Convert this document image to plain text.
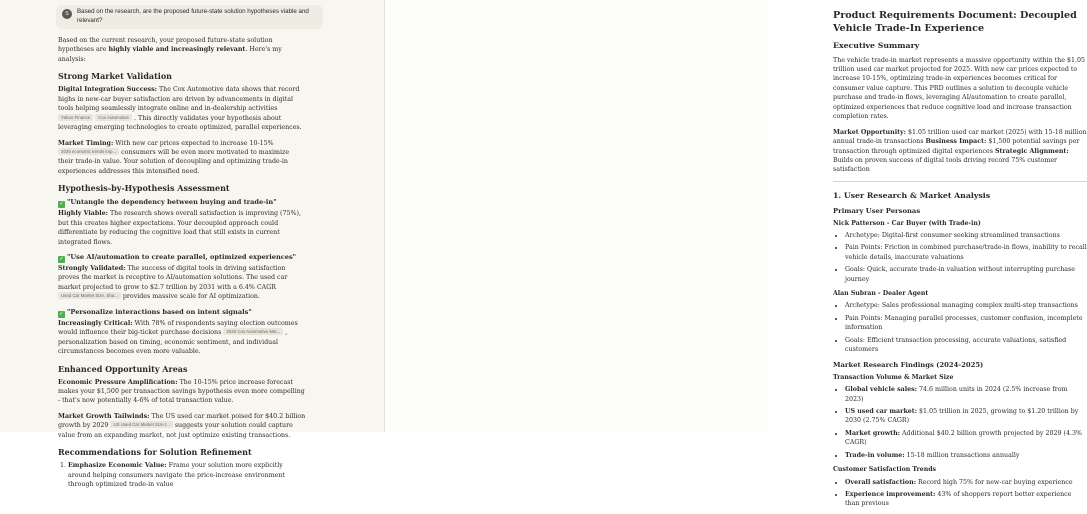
S	Based on the research, are the proposed future-state solution hypotheses viable and relevant?

Based on the current research, your proposed future-state solution hypotheses are highly viable and increasingly relevant. Here's my analysis:

Strong Market Validation

Digital Integration Success: The Cox Automotive data shows that record highs in new-car buyer satisfaction are driven by advancements in digital tools helping seamlessly integrate online and in-dealership activities Yahoo Finance Cox Automotive . This directly validates your hypothesis about leveraging emerging technologies to create optimized, parallel experiences.

Market Timing: With new car prices expected to increase 10-15% 2025 economic trends imp... consumers will be even more motivated to maximize their trade-in value. Your solution of decoupling and optimizing trade-in experiences addresses this intensified need.

Hypothesis-by-Hypothesis Assessment
✓ "Untangle the dependency between buying and trade-in"

Highly Viable: The research shows overall satisfaction is improving (75%), but this creates higher expectations. Your decoupled approach could differentiate by reducing the cognitive load that still exists in current integrated flows.

✓ "Use AI/automation to create parallel, optimized experiences"

Strongly Validated: The success of digital tools in driving satisfaction proves the market is receptive to AI/automation solutions. The used car market projected to grow to $2.7 trillion by 2031 with a 6.4% CAGR Used Car Market Size, Sha... provides massive scale for AI optimization.

✓ "Personalize interactions based on intent signals"

Increasingly Critical: With 78% of respondents saying election outcomes would influence their big-ticket purchase decisions 2025 Cox Automotive Mar... , personalization based on timing, economic sentiment, and individual circumstances becomes even more valuable.

Enhanced Opportunity Areas

Economic Pressure Amplification: The 10-15% price increase forecast makes your $1,500 per transaction savings hypothesis even more compelling - that's now potentially 4-6% of total transaction value.

Market Growth Tailwinds: The US used car market poised for $40.2 billion growth by 2029 US Used Car Market Size t... suggests your solution could capture value from an expanding market, not just optimize existing transactions.

Recommendations for Solution Refinement
1. Emphasize Economic Value: Frame your solution more explicitly around helping consumers navigate the price-increase environment through optimized trade-in value
Product Requirements Document: Decoupled Vehicle Trade-In Experience
Executive Summary

The vehicle trade-in market represents a massive opportunity within the $1.05 trillion used car market projected for 2025. With new car prices expected to increase 10-15%, optimizing trade-in experiences becomes critical for consumer value capture. This PRD outlines a solution to decouple vehicle purchase and trade-in flows, leveraging AI/automation to create parallel, optimized experiences that reduce cognitive load and increase transaction completion rates.

Market Opportunity: $1.05 trillion used car market (2025) with 15-18 million annual trade-in transactions Business Impact: $1,500 potential savings per transaction through optimized digital experiences Strategic Alignment: Builds on proven success of digital tools driving record 75% customer satisfaction

1. User Research & Market Analysis
Primary User Personas
Nick Patterson - Car Buyer (with Trade-in)
• Archetype: Digital-first consumer seeking streamlined transactions
• Pain Points: Friction in combined purchase/trade-in flows, inability to recall vehicle details, inaccurate valuations
• Goals: Quick, accurate trade-in valuation without interrupting purchase journey
Alan Subran - Dealer Agent
• Archetype: Sales professional managing complex multi-step transactions
• Pain Points: Managing parallel processes, customer confusion, incomplete information
• Goals: Efficient transaction processing, accurate valuations, satisfied customers
Market Research Findings (2024-2025)
Transaction Volume & Market Size
• Global vehicle sales: 74.6 million units in 2024 (2.5% increase from 2023)
• US used car market: $1.05 trillion in 2025, growing to $1.20 trillion by 2030 (2.75% CAGR)
• Market growth: Additional $40.2 billion growth projected by 2029 (4.3% CAGR)
• Trade-in volume: 15-18 million transactions annually
Customer Satisfaction Trends
• Overall satisfaction: Record high 75% for new-car buying experience
• Experience improvement: 43% of shoppers report better experience than previous
